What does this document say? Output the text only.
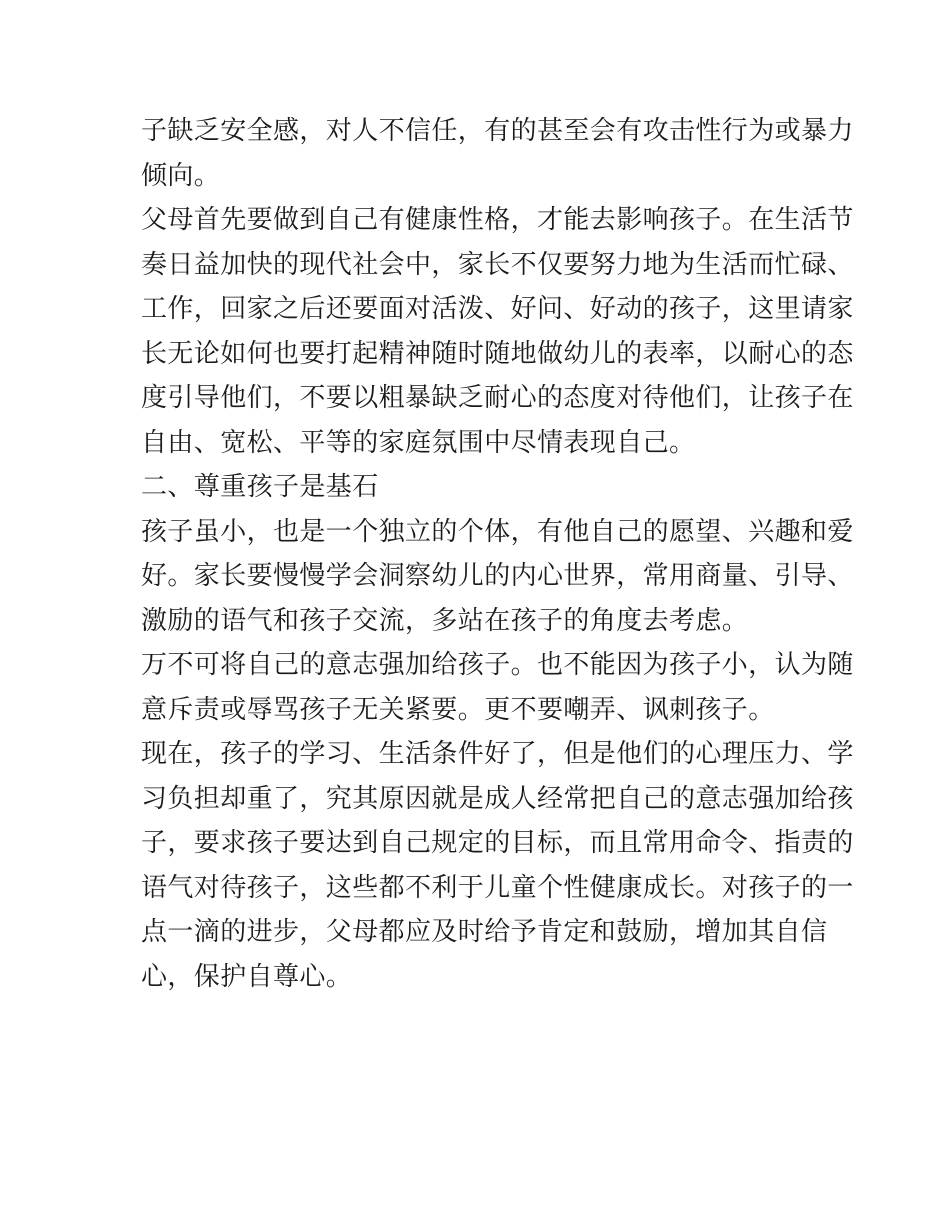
子缺乏安全感，对人不信任，有的甚至会有攻击性行为或暴力
倾向。
父母首先要做到自己有健康性格，才能去影响孩子。在生活节
奏日益加快的现代社会中，家长不仅要努力地为生活而忙碌、
工作，回家之后还要面对活泼、好问、好动的孩子，这里请家
长无论如何也要打起精神随时随地做幼儿的表率，以耐心的态
度引导他们，不要以粗暴缺乏耐心的态度对待他们，让孩子在
自由、宽松、平等的家庭氛围中尽情表现自己。
二、尊重孩子是基石
孩子虽小，也是一个独立的个体，有他自己的愿望、兴趣和爱
好。家长要慢慢学会洞察幼儿的内心世界，常用商量、引导、
激励的语气和孩子交流，多站在孩子的角度去考虑。
万不可将自己的意志强加给孩子。也不能因为孩子小，认为随
意斥责或辱骂孩子无关紧要。更不要嘲弄、讽刺孩子。
现在，孩子的学习、生活条件好了，但是他们的心理压力、学
习负担却重了，究其原因就是成人经常把自己的意志强加给孩
子，要求孩子要达到自己规定的目标，而且常用命令、指责的
语气对待孩子，这些都不利于儿童个性健康成长。对孩子的一
点一滴的进步，父母都应及时给予肯定和鼓励，增加其自信
心，保护自尊心。
